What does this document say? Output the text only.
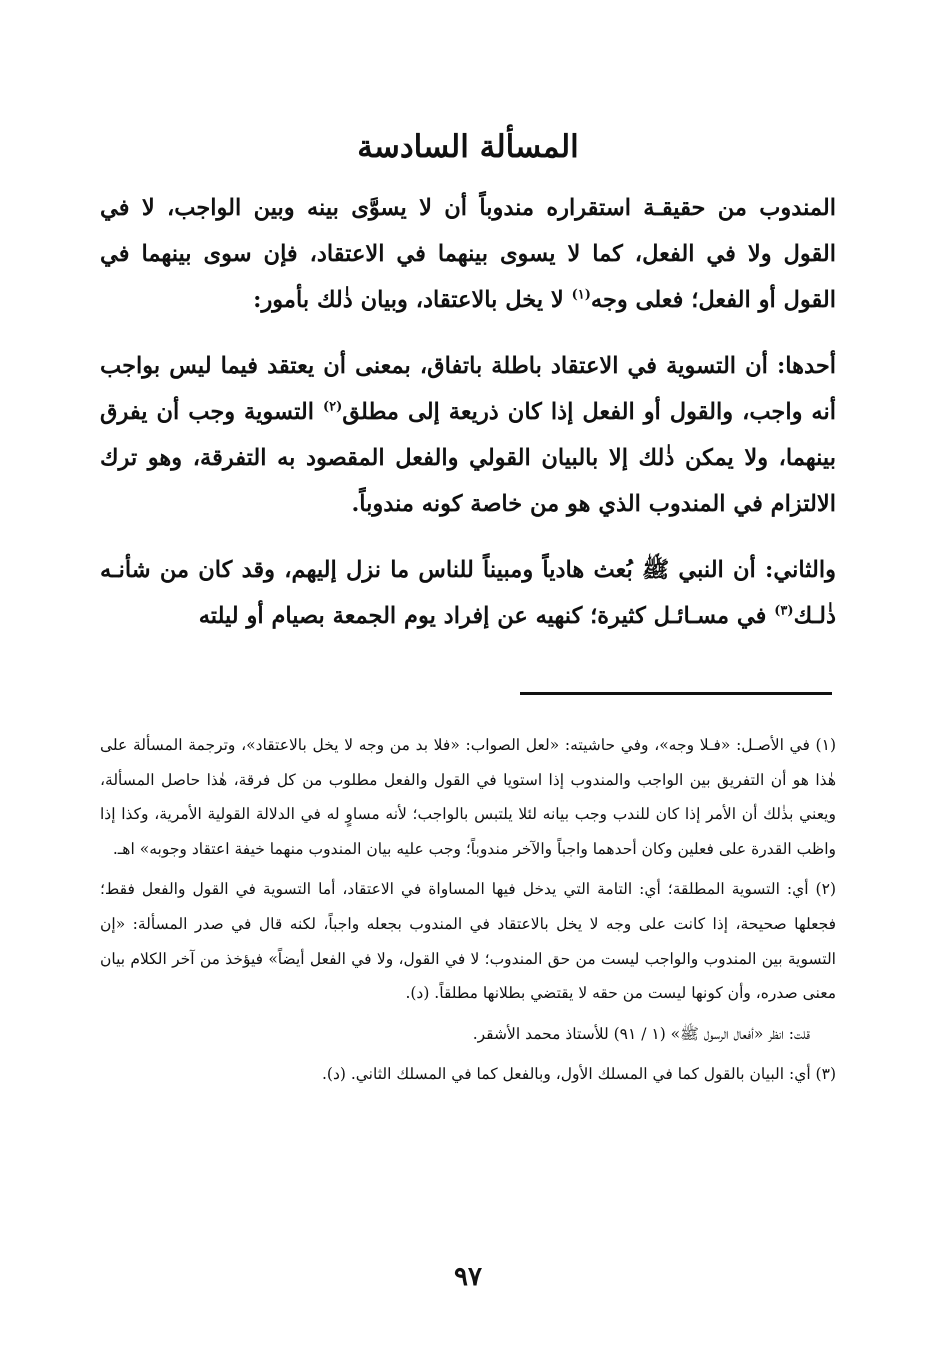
المسألة السادسة

المندوب من حقيقـة استقراره مندوباً أن لا يسوَّى بينه وبين الواجب، لا في القول ولا في الفعل، كما لا يسوى بينهما في الاعتقاد، فإن سوى بينهما في القول أو الفعل؛ فعلى وجه$^{(١)}$ لا يخل بالاعتقاد، وبيان ذٰلك بأمور:

أحدها: أن التسوية في الاعتقاد باطلة باتفاق، بمعنى أن يعتقد فيما ليس بواجب أنه واجب، والقول أو الفعل إذا كان ذريعة إلى مطلق$^{(٢)}$ التسوية وجب أن يفرق بينهما، ولا يمكن ذٰلك إلا بالبيان القولي والفعل المقصود به التفرقة، وهو ترك الالتزام في المندوب الذي هو من خاصة كونه مندوباً.

والثاني: أن النبي ﷺ بُعث هادياً ومبيناً للناس ما نزل إليهم، وقد كان من شأنـه ذٰلـك$^{(٣)}$ في مسـائـل كثيرة؛ كنهيه عن إفراد يوم الجمعة بصيام أو ليلته

(١) في الأصـل: «فـلا وجه»، وفي حاشيته: «لعل الصواب: «فلا بد من وجه لا يخل بالاعتقاد»، وترجمة المسألة على هٰذا هو أن التفريق بين الواجب والمندوب إذا استويا في القول والفعل مطلوب من كل فرقة، هٰذا حاصل المسألة، ويعني بذٰلك أن الأمر إذا كان للندب وجب بيانه لئلا يلتبس بالواجب؛ لأنه مساوٍ له في الدلالة القولية الأمرية، وكذا إذا واظب القدرة على فعلين وكان أحدهما واجباً والآخر مندوباً؛ وجب عليه بيان المندوب منهما خيفة اعتقاد وجوبه» اهـ.

(٢) أي: التسوية المطلقة؛ أي: التامة التي يدخل فيها المساواة في الاعتقاد، أما التسوية في القول والفعل فقط؛ فجعلها صحيحة، إذا كانت على وجه لا يخل بالاعتقاد في المندوب بجعله واجباً، لكنه قال في صدر المسألة: «إن التسوية بين المندوب والواجب ليست من حق المندوب؛ لا في القول، ولا في الفعل أيضاً» فيؤخذ من آخر الكلام بيان معنى صدره، وأن كونها ليست من حقه لا يقتضي بطلانها مطلقاً. (د).

قلت: انظر «أفعال الرسول ﷺ» (١ / ٩١) للأستاذ محمد الأشقر.

(٣) أي: البيان بالقول كما في المسلك الأول، وبالفعل كما في المسلك الثاني. (د).

٩٧
